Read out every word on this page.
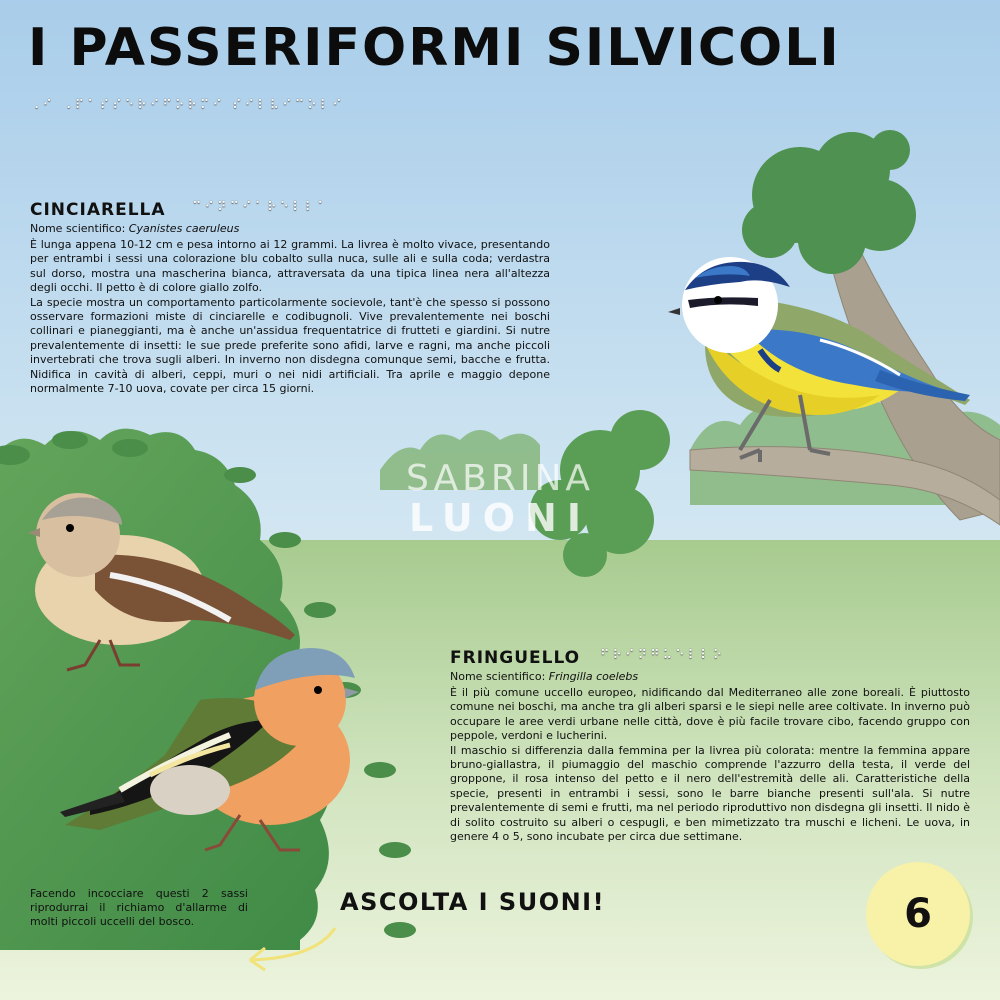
I PASSERIFORMI SILVICOLI
⠠⠊ ⠠⠏⠁⠎⠎⠑⠗⠊⠋⠕⠗⠍⠊ ⠎⠊⠇⠧⠊⠉⠕⠇⠊
CINCIARELLA ⠉⠊⠝⠉⠊⠁⠗⠑⠇⠇⠁
Nome scientifico: Cyanistes caeruleus

È lunga appena 10-12 cm e pesa intorno ai 12 grammi. La livrea è molto vivace, presentando per entrambi i sessi una colorazione blu cobalto sulla nuca, sulle ali e sulla coda; verdastra sul dorso, mostra una mascherina bianca, attraversata da una tipica linea nera all'altezza degli occhi. Il petto è di colore giallo zolfo.

La specie mostra un comportamento particolarmente socievole, tant'è che spesso si possono osservare formazioni miste di cinciarelle e codibugnoli. Vive prevalentemente nei boschi collinari e pianeggianti, ma è anche un'assidua frequentatrice di frutteti e giardini. Si nutre prevalentemente di insetti: le sue prede preferite sono afidi, larve e ragni, ma anche piccoli invertebrati che trova sugli alberi. In inverno non disdegna comunque semi, bacche e frutta. Nidifica in cavità di alberi, ceppi, muri o nei nidi artificiali. Tra aprile e maggio depone normalmente 7-10 uova, covate per circa 15 giorni.

SABRINA
LUONI
FRINGUELLO ⠋⠗⠊⠝⠛⠥⠑⠇⠇⠕
Nome scientifico: Fringilla coelebs

È il più comune uccello europeo, nidificando dal Mediterraneo alle zone boreali. È piuttosto comune nei boschi, ma anche tra gli alberi sparsi e le siepi nelle aree coltivate. In inverno può occupare le aree verdi urbane nelle città, dove è più facile trovare cibo, facendo gruppo con peppole, verdoni e lucherini.

Il maschio si differenzia dalla femmina per la livrea più colorata: mentre la femmina appare bruno-giallastra, il piumaggio del maschio comprende l'azzurro della testa, il verde del groppone, il rosa intenso del petto e il nero dell'estremità delle ali. Caratteristiche della specie, presenti in entrambi i sessi, sono le barre bianche presenti sull'ala. Si nutre prevalentemente di semi e frutti, ma nel periodo riproduttivo non disdegna gli insetti. Il nido è di solito costruito su alberi o cespugli, e ben mimetizzato tra muschi e licheni. Le uova, in genere 4 o 5, sono incubate per circa due settimane.

Facendo incocciare questi 2 sassi riprodurrai il richiamo d'allarme di molti piccoli uccelli del bosco.

ASCOLTA I SUONI!	6
